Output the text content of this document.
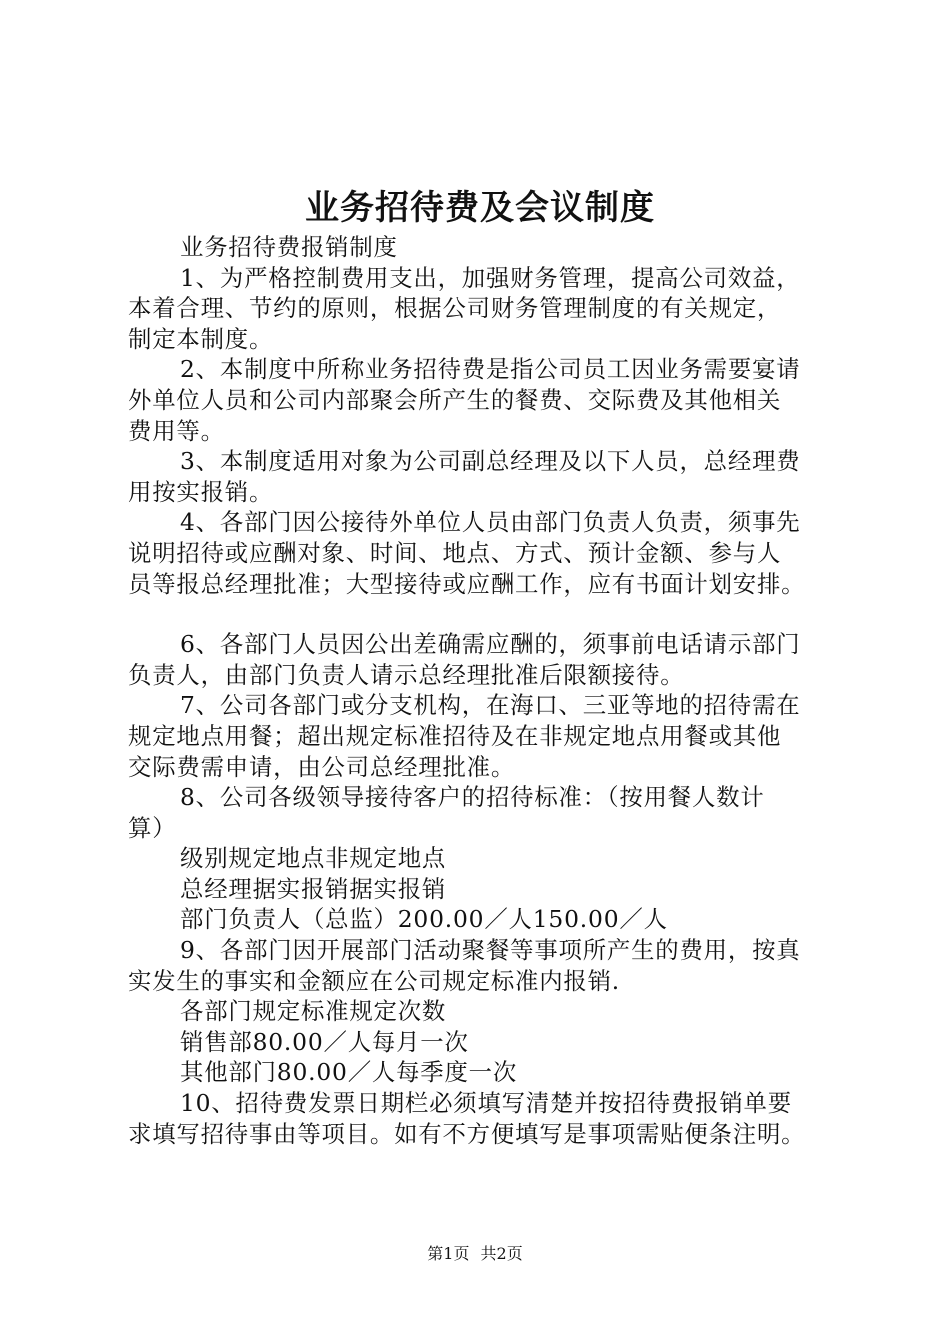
业务招待费及会议制度

业务招待费报销制度

1、为严格控制费用支出，加强财务管理，提高公司效益，

本着合理、节约的原则，根据公司财务管理制度的有关规定，

制定本制度。

2、本制度中所称业务招待费是指公司员工因业务需要宴请

外单位人员和公司内部聚会所产生的餐费、交际费及其他相关

费用等。

3、本制度适用对象为公司副总经理及以下人员，总经理费

用按实报销。

4、各部门因公接待外单位人员由部门负责人负责，须事先

说明招待或应酬对象、时间、地点、方式、预计金额、参与人

员等报总经理批准；大型接待或应酬工作，应有书面计划安排。

6、各部门人员因公出差确需应酬的，须事前电话请示部门

负责人，由部门负责人请示总经理批准后限额接待。

7、公司各部门或分支机构，在海口、三亚等地的招待需在

规定地点用餐；超出规定标准招待及在非规定地点用餐或其他

交际费需申请，由公司总经理批准。

8、公司各级领导接待客户的招待标准：（按用餐人数计

算）

级别规定地点非规定地点

总经理据实报销据实报销

部门负责人（总监）200.00／人150.00／人

9、各部门因开展部门活动聚餐等事项所产生的费用，按真

实发生的事实和金额应在公司规定标准内报销.

各部门规定标准规定次数

销售部80.00／人每月一次

其他部门80.00／人每季度一次

10、招待费发票日期栏必须填写清楚并按招待费报销单要

求填写招待事由等项目。如有不方便填写是事项需贴便条注明。

第1页 共2页
